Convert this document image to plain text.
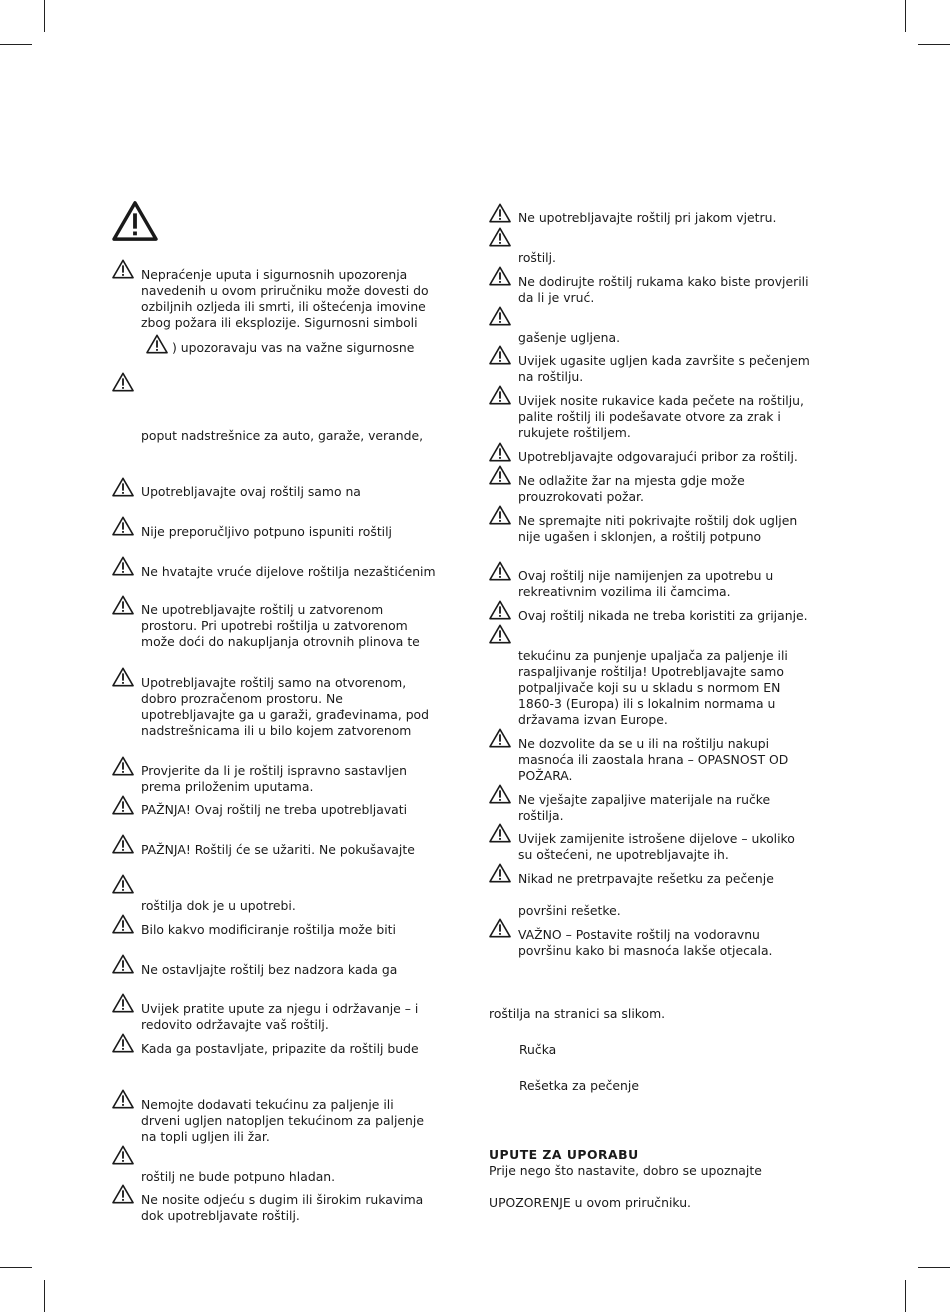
roštilja na stranici sa slikom.
Ručka
Rešetka za pečenje
UPUTE ZA UPORABU
Prije nego što nastavite, dobro se upoznajte
UPOZORENJE u ovom priručniku.
Nepraćenje uputa i sigurnosnih upozorenja
navedenih u ovom priručniku može dovesti do
ozbiljnih ozljeda ili smrti, ili oštećenja imovine
zbog požara ili eksplozije. Sigurnosni simboli
) upozoravaju vas na važne sigurnosne
poput nadstrešnice za auto, garaže, verande,
Upotrebljavajte ovaj roštilj samo na
Nije preporučljivo potpuno ispuniti roštilj
Ne hvatajte vruće dijelove roštilja nezaštićenim
Ne upotrebljavajte roštilj u zatvorenom
prostoru. Pri upotrebi roštilja u zatvorenom
može doći do nakupljanja otrovnih plinova te
Upotrebljavajte roštilj samo na otvorenom,
dobro prozračenom prostoru. Ne
upotrebljavajte ga u garaži, građevinama, pod
nadstrešnicama ili u bilo kojem zatvorenom
Provjerite da li je roštilj ispravno sastavljen
prema priloženim uputama.
PAŽNJA! Ovaj roštilj ne treba upotrebljavati
PAŽNJA! Roštilj će se užariti. Ne pokušavajte
roštilja dok je u upotrebi.
Bilo kakvo modificiranje roštilja može biti
Ne ostavljajte roštilj bez nadzora kada ga
Uvijek pratite upute za njegu i održavanje – i
redovito održavajte vaš roštilj.
Kada ga postavljate, pripazite da roštilj bude
Nemojte dodavati tekućinu za paljenje ili
drveni ugljen natopljen tekućinom za paljenje
na topli ugljen ili žar.
roštilj ne bude potpuno hladan.
Ne nosite odjeću s dugim ili širokim rukavima
dok upotrebljavate roštilj.
Ne upotrebljavajte roštilj pri jakom vjetru.
roštilj.
Ne dodirujte roštilj rukama kako biste provjerili
da li je vruć.
gašenje ugljena.
Uvijek ugasite ugljen kada završite s pečenjem
na roštilju.
Uvijek nosite rukavice kada pečete na roštilju,
palite roštilj ili podešavate otvore za zrak i
rukujete roštiljem.
Upotrebljavajte odgovarajući pribor za roštilj.
Ne odlažite žar na mjesta gdje može
prouzrokovati požar.
Ne spremajte niti pokrivajte roštilj dok ugljen
nije ugašen i sklonjen, a roštilj potpuno
Ovaj roštilj nije namijenjen za upotrebu u
rekreativnim vozilima ili čamcima.
Ovaj roštilj nikada ne treba koristiti za grijanje.
tekućinu za punjenje upaljača za paljenje ili
raspaljivanje roštilja! Upotrebljavajte samo
potpaljivače koji su u skladu s normom EN
1860-3 (Europa) ili s lokalnim normama u
državama izvan Europe.
Ne dozvolite da se u ili na roštilju nakupi
masnoća ili zaostala hrana – OPASNOST OD
POŽARA.
Ne vješajte zapaljive materijale na ručke
roštilja.
Uvijek zamijenite istrošene dijelove – ukoliko
su oštećeni, ne upotrebljavajte ih.
Nikad ne pretrpavajte rešetku za pečenje
površini rešetke.
VAŽNO – Postavite roštilj na vodoravnu
površinu kako bi masnoća lakše otjecala.
